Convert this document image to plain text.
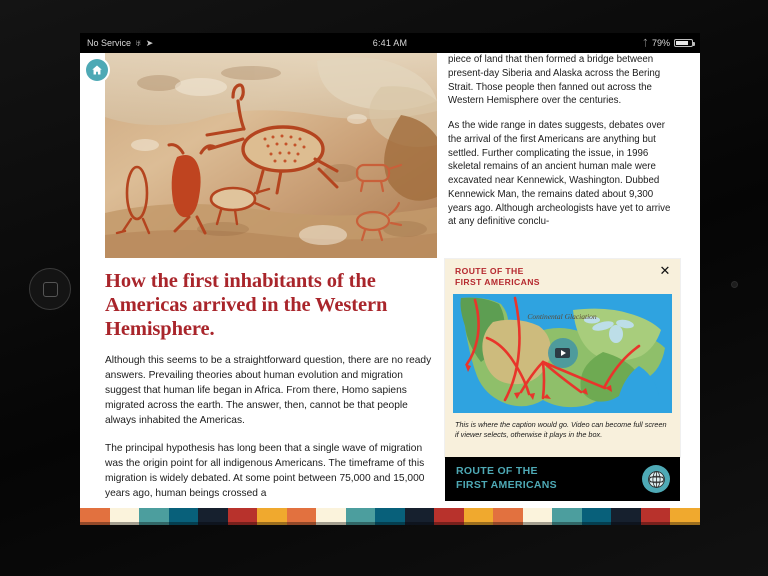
No Service ♅ ➤	6:41 AM	ᛏ 79%
How the first inhabitants of the Americas arrived in the Western Hemisphere.
Although this seems to be a straightforward question, there are no ready answers. Prevailing theories about human evolution and migration suggest that human life began in Africa. From there, Homo sapiens migrated across the earth. The answer, then, cannot be that people always inhabited the Americas.
The principal hypothesis has long been that a single wave of migration was the origin point for all indigenous Americans. The timeframe of this migration is widely debated. At some point between 75,000 and 15,000 years ago, human beings crossed a
piece of land that then formed a bridge between present-day Siberia and Alaska across the Bering Strait. Those people then fanned out across the Western Hemisphere over the centuries.
As the wide range in dates suggests, debates over the arrival of the first Americans are anything but settled. Further complicating the issue, in 1996 skeletal remains of an ancient human male were excavated near Kennewick, Washington. Dubbed Kennewick Man, the remains dated about 9,300 years ago. Although archeologists have yet to arrive at any definitive conclu-
ROUTE OF THE
FIRST AMERICANS
✕
Continental Glaciation
This is where the caption would go. Video can become full screen if viewer selects, otherwise it plays in the box.
ROUTE OF THE
FIRST AMERICANS
